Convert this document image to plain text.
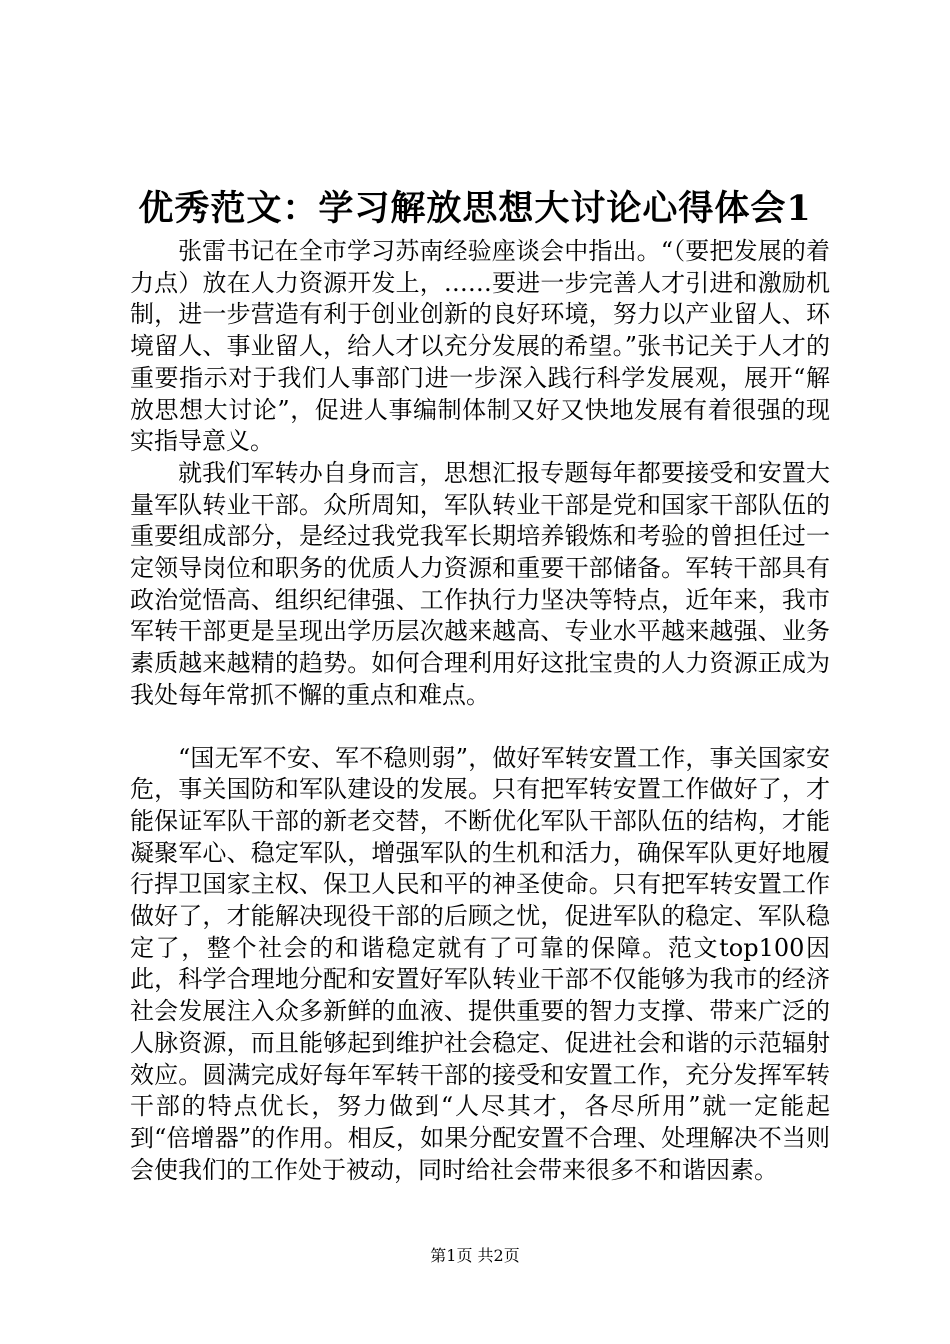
优秀范文：学习解放思想大讨论心得体会1

张雷书记在全市学习苏南经验座谈会中指出。“（要把发展的着力点）放在人力资源开发上，……要进一步完善人才引进和激励机制，进一步营造有利于创业创新的良好环境，努力以产业留人、环境留人、事业留人，给人才以充分发展的希望。”张书记关于人才的重要指示对于我们人事部门进一步深入践行科学发展观，展开“解放思想大讨论”，促进人事编制体制又好又快地发展有着很强的现实指导意义。

就我们军转办自身而言，思想汇报专题每年都要接受和安置大量军队转业干部。众所周知，军队转业干部是党和国家干部队伍的重要组成部分，是经过我党我军长期培养锻炼和考验的曾担任过一定领导岗位和职务的优质人力资源和重要干部储备。军转干部具有政治觉悟高、组织纪律强、工作执行力坚决等特点，近年来，我市军转干部更是呈现出学历层次越来越高、专业水平越来越强、业务素质越来越精的趋势。如何合理利用好这批宝贵的人力资源正成为我处每年常抓不懈的重点和难点。

“国无军不安、军不稳则弱”，做好军转安置工作，事关国家安危，事关国防和军队建设的发展。只有把军转安置工作做好了，才能保证军队干部的新老交替，不断优化军队干部队伍的结构，才能凝聚军心、稳定军队，增强军队的生机和活力，确保军队更好地履行捍卫国家主权、保卫人民和平的神圣使命。只有把军转安置工作做好了，才能解决现役干部的后顾之忧，促进军队的稳定、军队稳定了，整个社会的和谐稳定就有了可靠的保障。范文top100因此，科学合理地分配和安置好军队转业干部不仅能够为我市的经济社会发展注入众多新鲜的血液、提供重要的智力支撑、带来广泛的人脉资源，而且能够起到维护社会稳定、促进社会和谐的示范辐射效应。圆满完成好每年军转干部的接受和安置工作，充分发挥军转干部的特点优长，努力做到“人尽其才，各尽所用”就一定能起到“倍增器”的作用。相反，如果分配安置不合理、处理解决不当则会使我们的工作处于被动，同时给社会带来很多不和谐因素。

第1页 共2页
